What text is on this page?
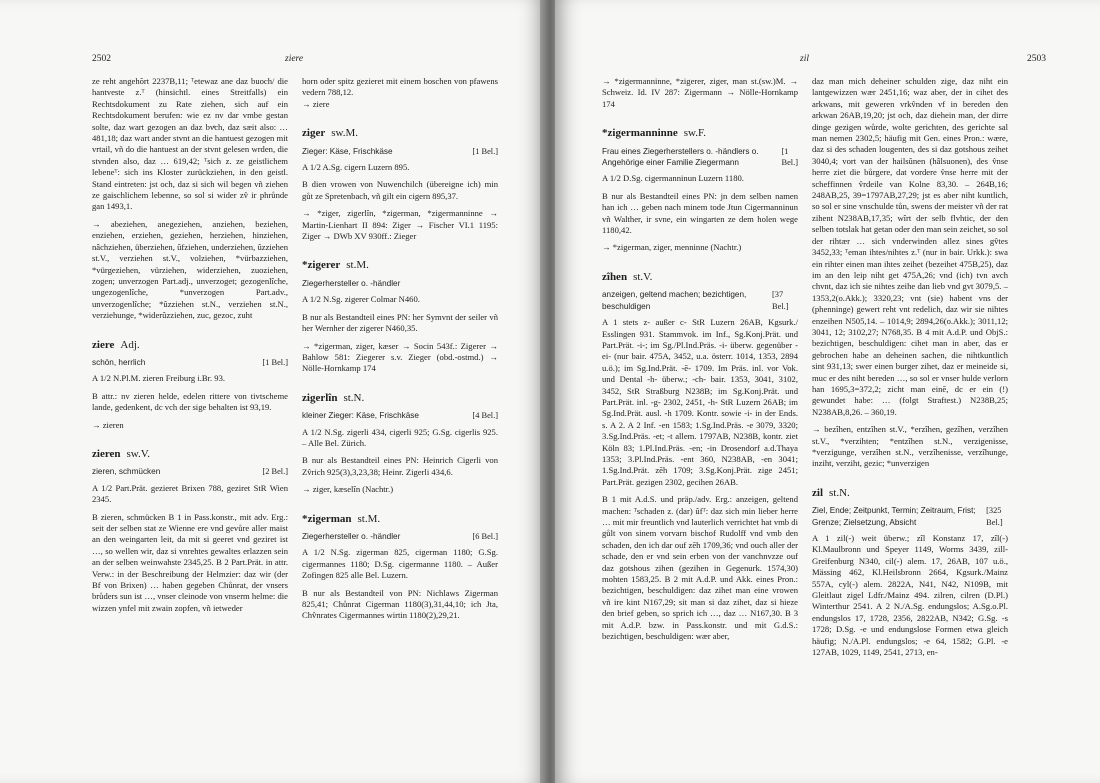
2502	ziere

ze reht angehõrt 2237B,11; ᵀetewaz ane daz buoch/ die hantveste z.ᵀ (hinsichtl. eines Streitfalls) ein Rechtsdokument zu Rate ziehen, sich auf ein Rechtsdokument berufen: wie ez nv dar vmbe gestan solte, daz wart gezogen an daz bvͤch, daz sæit also: … 481,18; daz wart ander stvnt an die hantuest gezogen mit vrtail, vñ do die hantuest an der stvnt gelesen wrden, die stvnden also, daz … 619,42; ᵀsich z. ze geistlichem lebeneᵀ: sich ins Kloster zurückziehen, in den geistl. Stand eintreten: jst och, daz si sich wil begen vñ ziehen ze gaischlichem lebenne, so sol si wider zv̂ ir phrůnde gan 1493,1.

→ abeziehen, anegeziehen, anziehen, beziehen, enziehen, erziehen, geziehen, herziehen, hinziehen, nâchziehen, überziehen, ûfziehen, underziehen, ûzziehen st.V., verziehen st.V., volziehen, *vürbazziehen, *vürgeziehen, vürziehen, widerziehen, zuoziehen, zogen; unverzogen Part.adj., unverzoget; gezogenlîche, ungezogenlîche, *unverzogen Part.adv., unverzogenlîche; *ûzziehen st.N., verziehen st.N., verziehunge, *widerûzziehen, zuc, gezoc, zuht

ziere Adj.
schön, herrlich	[1 Bel.]

A 1/2 N.Pl.M. zieren Freiburg i.Br. 93.

B attr.: nv zieren helde, edelen rittere von tivtschemе lande, gedenkent, dc vch der sige behalten ist 93,19.

→ zieren

zieren sw.V.
zieren, schmücken	[2 Bel.]

A 1/2 Part.Prät. gezieret Brixen 788, geziret StR Wien 2345.

B zieren, schmücken B 1 in Pass.konstr., mit adv. Erg.: seit der selben stat ze Wienne ere vnd gevůre aller maist an den weingarten leit, da mit si geeret vnd geziret ist …, so wellen wir, daz si vnrehtes gewaltes erlazzen sein an der selben weinwahste 2345,25. B 2 Part.Prät. in attr. Verw.: in der Beschreibung der Helmzier: daz wir (der Bf von Brixen) … haben gegeben Chůnrat, der vnsers brůders sun ist …, vnser cleinode von vnserm helme: die wizzen ynfel mit zwain zopfen, vñ ietweder

horn oder spitz gezieret mit einem boschen von pfawens vedern 788,12.

→ ziere

ziger sw.M.
Zieger: Käse, Frischkäse	[1 Bel.]

A 1/2 A.Sg. cigern Luzern 895.

B dien vrowen von Nuwenchilch (übereigne ich) min gůt ze Spretenbach, vñ gilt ein cigern 895,37.

→ *ziger, zigerlîn, *zigerman, *zigermanninne → Martin-Lienhart II 894: Ziger → Fischer VI.1 1195: Ziger → DWb XV 930ff.: Zieger

*zigerer st.M.
Ziegerhersteller o. -händler

A 1/2 N.Sg. zigerer Colmar N460.

B nur als Bestandteil eines PN: her Symvnt der seiler vñ her Wernher der zigerer N460,35.

→ *zigerman, ziger, kæser → Socin 543f.: Zigerer → Bahlow 581: Ziegerer s.v. Zieger (obd.-ostmd.) → Nölle-Hornkamp 174

zigerlîn st.N.
kleiner Zieger: Käse, Frischkäse	[4 Bel.]

A 1/2 N.Sg. zigerli 434, cigerli 925; G.Sg. cigerlis 925. – Alle Bel. Zürich.

B nur als Bestandteil eines PN: Heinrich Cigerli von Zv̂rich 925(3),3,23,38; Heinr. Zigerli 434,6.

→ ziger, kæselîn (Nachtr.)

*zigerman st.M.
Ziegerhersteller o. -händler	[6 Bel.]

A 1/2 N.Sg. zigerman 825, cigerman 1180; G.Sg. cigermannes 1180; D.Sg. cigermanne 1180. – Außer Zofingen 825 alle Bel. Luzern.

B nur als Bestandteil von PN: Nichlaws Zigerman 825,41; Chůnrat Cigerman 1180(3),31,44,10; ich Jta, Chv̂nrates Cigermannes wirtin 1180(2),29,21.

zil	2503

→ *zigermanninne, *zigerer, ziger, man st.(sw.)M. → Schweiz. Id. IV 287: Zigermann → Nölle-Hornkamp 174

*zigermanninne sw.F.
Frau eines Ziegerherstellers o. -händlers o. Angehörige einer Familie Ziegermann
[1 Bel.]

A 1/2 D.Sg. cigermanninun Luzern 1180.

B nur als Bestandteil eines PN: jn dem selben namen han ich … geben nach minem tode Jtun Cigermanninun vñ Walther, ir svne, ein wingarten ze dem holen wege 1180,42.

→ *zigerman, ziger, menninne (Nachtr.)

zîhen st.V.
anzeigen, geltend machen; bezichtigen, beschuldigen
[37 Bel.]

A 1 stets z- außer c- StR Luzern 26AB, Kgsurk./ Esslingen 931. Stammvok. im Inf., Sg.Konj.Prät. und Part.Prät. -i-; im Sg./Pl.Ind.Präs. -i- überw. gegenüber -ei- (nur bair. 475A, 3452, u.a. österr. 1014, 1353, 2894 u.ö.); im Sg.Ind.Prät. -ē- 1709. Im Präs. inl. vor Vok. und Dental -h- überw.; -ch- bair. 1353, 3041, 3102, 3452, StR Straßburg N238B; im Sg.Konj.Prät. und Part.Prät. inl. -g- 2302, 2451, -h- StR Luzern 26AB; im Sg.Ind.Prät. ausl. -h 1709. Kontr. sowie -i- in der Ends. s. A 2. A 2 Inf. -en 1583; 1.Sg.Ind.Präs. -e 3079, 3320; 3.Sg.Ind.Präs. -et; -t allem. 1797AB, N238B, kontr. ziet Köln 83; 1.Pl.Ind.Präs. -en; -in Drosendorf a.d.Thaya 1353; 3.Pl.Ind.Präs. -ent 360, N238AB, -en 3041; 1.Sg.Ind.Prät. zēh 1709; 3.Sg.Konj.Prät. zige 2451; Part.Prät. gezigen 2302, gecihen 26AB.

B 1 mit A.d.S. und präp./adv. Erg.: anzeigen, geltend machen: ᵀschaden z. (dar) ûfᵀ: daz sich min lieber herre … mit mir freuntlich vnd lauterlich verrichtet hat vmb di gůlt von sinem vorvarn bischof Rudolff vnd vmb den schaden, den ich dar ouf zēh 1709,36; vnd ouch aller der schade, den er vnd sein erben von der vanchnvzze ouf daz gotshous zihen (gezihen in Gegenurk. 1574,30) mohten 1583,25. B 2 mit A.d.P. und Akk. eines Pron.: bezichtigen, beschuldigen: daz zihet man eine vrowen vñ ire kint N167,29; sit man si daz zihet, daz si hieze den brief geben, so sprich ich …, daz … N167,30. B 3 mit A.d.P. bzw. in Pass.konstr. und mit G.d.S.: bezichtigen, beschuldigen: wær aber,

daz man mich deheiner schulden zige, daz niht ein lantgewizzen wær 2451,16; waz aber, der in cihet des arkwans, mit geweren vrkv̂nden vf in bereden den arkwan 26AB,19,20; jst och, daz diehein man, der dirre dinge gezigen wůrde, wolte gerichten, des gerichte sal man nemen 2302,5; häufig mit Gen. eines Pron.: wære, daz si des schaden lougenten, des si daz gotshous zeihet 3040,4; vort van der hailsûnen (hâlsuonen), des v̂nse herre ziet die bůrgere, dat vordere v̂nse herre mit der scheffinnen v̂rdeile van Kolne 83,30. – 264B,16; 248AB,25, 39=1797AB,27,29; jst es aber niht kuntlich, so sol er sine vnschulde tůn, swens der meister vñ der rat zihent N238AB,17,35; wîrt der selb flvhtic, der den selben totslak hat getan oder den man sein zeichet, so sol der rihtær … sich vnderwinden allez sines gv̂tes 3452,33; ᵀeman ihtes/nihtes z.ᵀ (nur in bair. Urkk.): swa ein rihter einen man ihtes zeihet (bezeihet 475B,25), daz im an den leip niht get 475A,26; vnd (ich) tvn avch chvnt, daz ich sie nihtes zeihe dan lieb vnd gvt 3079,5. – 1353,2(o.Akk.); 3320,23; vnt (sie) habent vns der (phenninge) gewert reht vnt redelich, daz wir sie nihtes enzeihen N505,14. – 1014,9; 2894,26(o.Akk.); 3011,12; 3041, 12; 3102,27; N768,35. B 4 mit A.d.P. und ObjS.: bezichtigen, beschuldigen: cihet man in aber, das er gebrochen habe an deheinen sachen, die nihtkuntlich sint 931,13; swer einen burger zihet, daz er meineide si, muc er des niht bereden …, so sol er vnser hulde verlorn han 1695,3=372,2; zicht man einē, dc er ein (!) gewundet habe: … (folgt Straftest.) N238B,25; N238AB,8,26. – 360,19.

→ bezîhen, entzîhen st.V., *erzîhen, gezîhen, verzîhen st.V., *verzihten; *entzîhen st.N., verzigenisse, *verzigunge, verzîhen st.N., verzîhenisse, verzîhunge, inziht, verziht, gezic; *unverzigen

zil st.N.
Ziel, Ende; Zeitpunkt, Termin; Zeitraum, Frist; Grenze; Zielsetzung, Absicht
[325 Bel.]

A 1 zil(-) weit überw.; zîl Konstanz 17, zîl(-) Kl.Maulbronn und Speyer 1149, Worms 3439, zill-Greifenburg N340, cil(-) alem. 17, 26AB, 107 u.ö., Mässing 462, Kl.Heilsbronn 2664, Kgsurk./Mainz 557A, cyl(-) alem. 2822A, N41, N42, N109B, mit Gleitlaut zigel Ldfr./Mainz 494. zilren, cilren (D.Pl.) Winterthur 2541. A 2 N./A.Sg. endungslos; A.Sg.o.Pl. endungslos 17, 1728, 2356, 2822AB, N342; G.Sg. -s 1728; D.Sg. -e und endungslose Formen etwa gleich häufig; N./A.Pl. endungslos; -e 64, 1582; G.Pl. -e 127AB, 1029, 1149, 2541, 2713, en-
